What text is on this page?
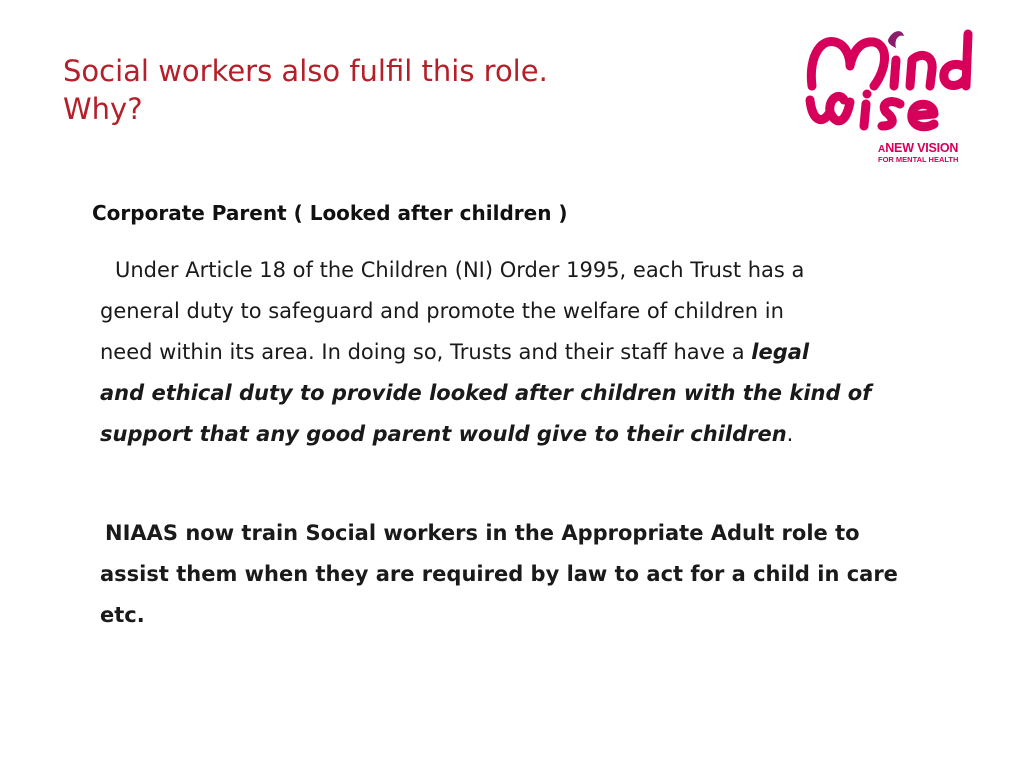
Social workers also fulfil this role.
Why?
ANEW VISION
FOR MENTAL HEALTH
Corporate Parent ( Looked after children )
Under Article 18 of the Children (NI) Order 1995, each Trust has a
general duty to safeguard and promote the welfare of children in
need within its area. In doing so, Trusts and their staff have a legal
and ethical duty to provide looked after children with the kind of
support that any good parent would give to their children.
NIAAS now train Social workers in the Appropriate Adult role to
assist them when they are required by law to act for a child in care
etc.
